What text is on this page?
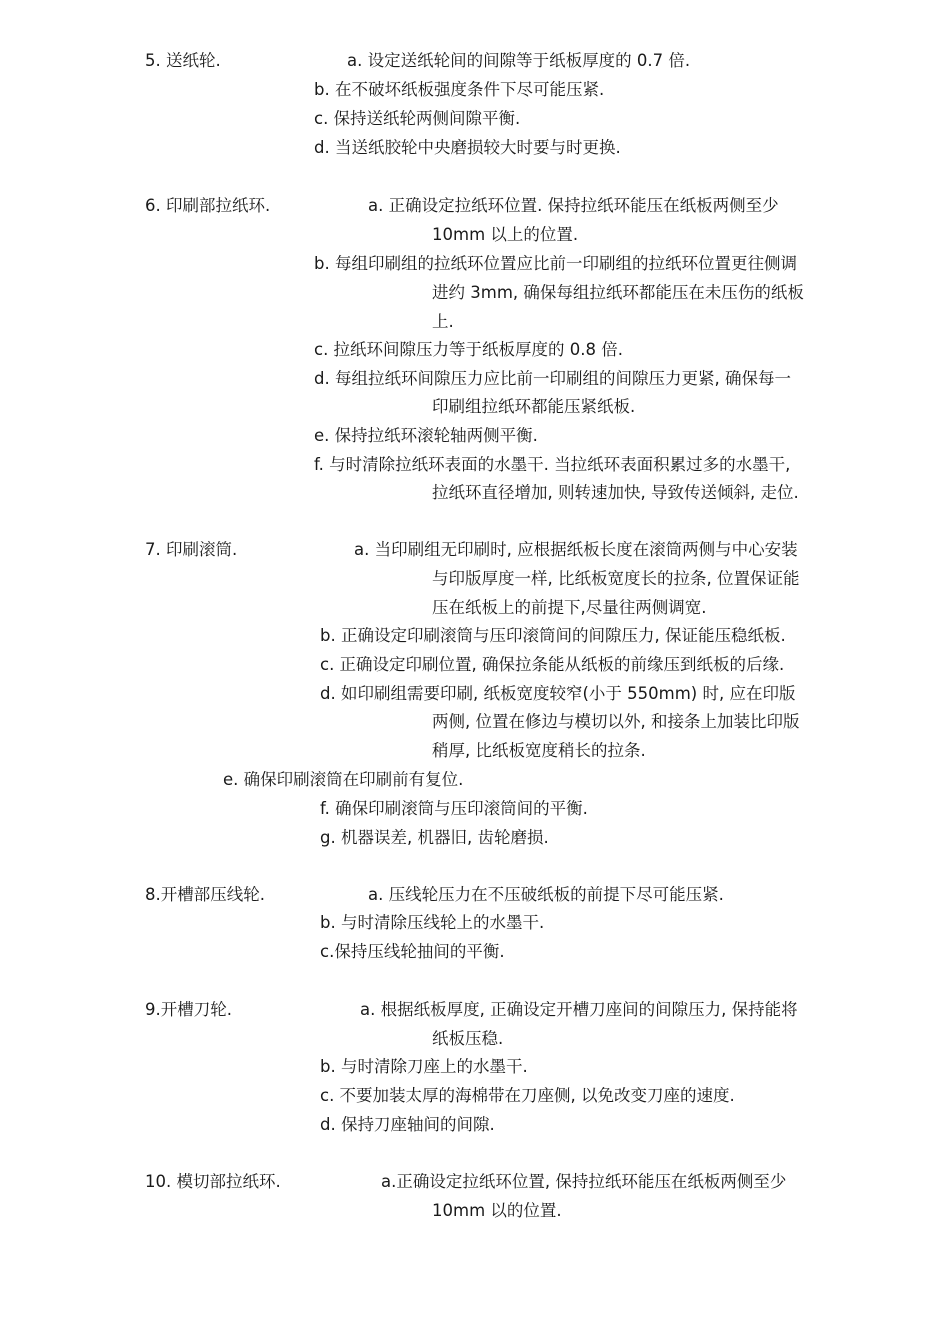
5. 送纸轮.	a. 设定送纸轮间的间隙等于纸板厚度的 0.7 倍.
b. 在不破坏纸板强度条件下尽可能压紧.
c. 保持送纸轮两侧间隙平衡.
d. 当送纸胶轮中央磨损较大时要与时更换.
6. 印刷部拉纸环.	a. 正确设定拉纸环位置. 保持拉纸环能压在纸板两侧至少
10mm 以上的位置.
b. 每组印刷组的拉纸环位置应比前一印刷组的拉纸环位置更往侧调
进约 3mm, 确保每组拉纸环都能压在未压伤的纸板
上.
c. 拉纸环间隙压力等于纸板厚度的 0.8 倍.
d. 每组拉纸环间隙压力应比前一印刷组的间隙压力更紧, 确保每一
印刷组拉纸环都能压紧纸板.
e. 保持拉纸环滚轮轴两侧平衡.
f. 与时清除拉纸环表面的水墨干. 当拉纸环表面积累过多的水墨干,
拉纸环直径增加, 则转速加快, 导致传送倾斜, 走位.
7. 印刷滚筒.	a. 当印刷组无印刷时, 应根据纸板长度在滚筒两侧与中心安装
与印版厚度一样, 比纸板宽度长的拉条, 位置保证能
压在纸板上的前提下,尽量往两侧调宽.
b. 正确设定印刷滚筒与压印滚筒间的间隙压力, 保证能压稳纸板.
c. 正确设定印刷位置, 确保拉条能从纸板的前缘压到纸板的后缘.
d. 如印刷组需要印刷, 纸板宽度较窄(小于 550mm) 时, 应在印版
两侧, 位置在修边与模切以外, 和接条上加装比印版
稍厚, 比纸板宽度稍长的拉条.
e. 确保印刷滚筒在印刷前有复位.
f. 确保印刷滚筒与压印滚筒间的平衡.
g. 机器误差, 机器旧, 齿轮磨损.
8.开槽部压线轮.	a. 压线轮压力在不压破纸板的前提下尽可能压紧.
b. 与时清除压线轮上的水墨干.
c.保持压线轮抽间的平衡.
9.开槽刀轮.	a. 根据纸板厚度, 正确设定开槽刀座间的间隙压力, 保持能将
纸板压稳.
b. 与时清除刀座上的水墨干.
c. 不要加装太厚的海棉带在刀座侧, 以免改变刀座的速度.
d. 保持刀座轴间的间隙.
10. 模切部拉纸环.	a.正确设定拉纸环位置, 保持拉纸环能压在纸板两侧至少
10mm 以的位置.
